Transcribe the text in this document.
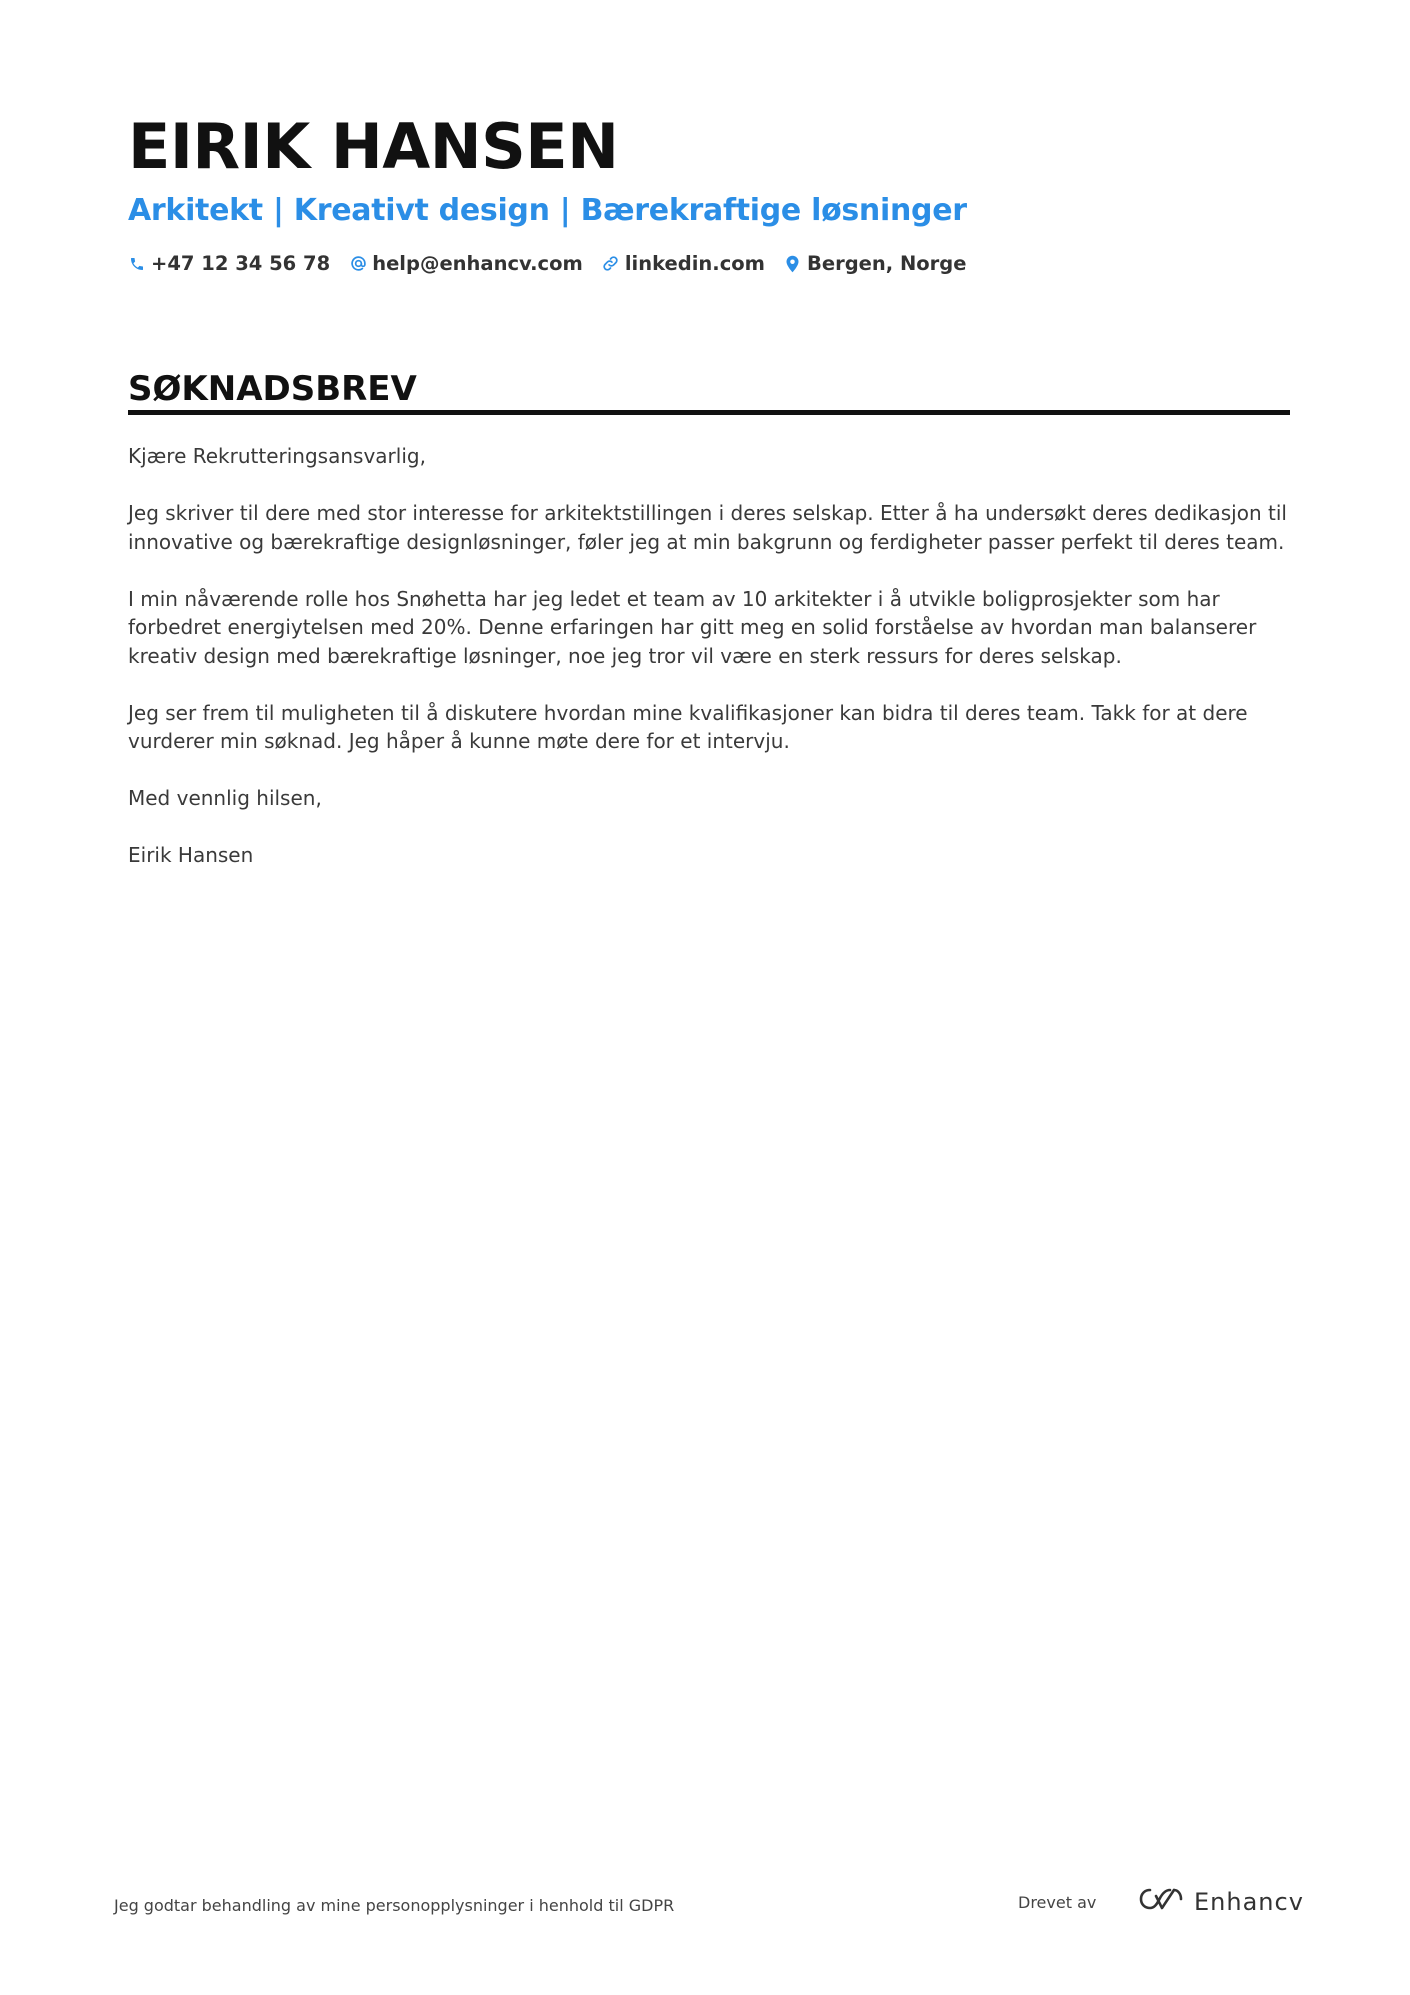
EIRIK HANSEN
Arkitekt | Kreativt design | Bærekraftige løsninger
+47 12 34 56 78 help@enhancv.com linkedin.com Bergen, Norge
SØKNADSBREV

Kjære Rekrutteringsansvarlig,

Jeg skriver til dere med stor interesse for arkitektstillingen i deres selskap. Etter å ha undersøkt deres dedikasjon til innovative og bærekraftige designløsninger, føler jeg at min bakgrunn og ferdigheter passer perfekt til deres team.

I min nåværende rolle hos Snøhetta har jeg ledet et team av 10 arkitekter i å utvikle boligprosjekter som har forbedret energiytelsen med 20%. Denne erfaringen har gitt meg en solid forståelse av hvordan man balanserer kreativ design med bærekraftige løsninger, noe jeg tror vil være en sterk ressurs for deres selskap.

Jeg ser frem til muligheten til å diskutere hvordan mine kvalifikasjoner kan bidra til deres team. Takk for at dere vurderer min søknad. Jeg håper å kunne møte dere for et intervju.

Med vennlig hilsen,

Eirik Hansen

Jeg godtar behandling av mine personopplysninger i henhold til GDPR	Drevet av	Enhancv
